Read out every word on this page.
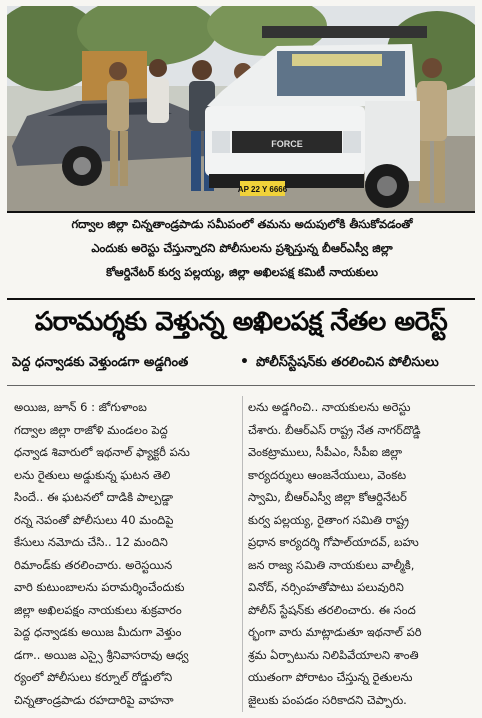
AP 22 Y 6666
FORCE
గద్వాల జిల్లా చిన్నతాండ్రపాడు సమీపంలో తమను అదుపులోకి తీసుకోవడంతో
ఎందుకు అరెస్టు చేస్తున్నారని పోలీసులను ప్రశ్నిస్తున్న బీఆర్ఎస్వీ జిల్లా
కోఆర్డినేటర్ కుర్వ పల్లయ్య, జిల్లా అఖిలపక్ష కమిటీ నాయకులు
పరామర్శకు వెళ్తున్న అఖిలపక్ష నేతల అరెస్ట్
పెద్ద ధన్వాడకు వెళ్తుండగా అడ్డగింత	• పోలీస్‌స్టేషన్‌కు తరలించిన పోలీసులు
అయిజ, జూన్ 6 : జోగుళాంబ
గద్వాల జిల్లా రాజోళి మండలం పెద్ద
ధన్వాడ శివారులో ఇథనాల్ ఫ్యాక్టరీ పను
లను రైతులు అడ్డుకున్న ఘటన తెలి
సిందే.. ఈ ఘటనలో దాడికి పాల్పడ్డా
రన్న నెపంతో పోలీసులు 40 మందిపై
కేసులు నమోదు చేసి.. 12 మందిని
రిమాండ్‌కు తరలించారు. అరెస్టయిన
వారి కుటుంబాలను పరామర్శించేందుకు
జిల్లా అఖిలపక్షం నాయకులు శుక్రవారం
పెద్ద ధన్వాడకు అయిజ మీదుగా వెళ్తుం
డగా.. అయిజ ఎస్సై శ్రీనివాసరావు ఆధ్వ
ర్యంలో పోలీసులు కర్నూల్ రోడ్డులోని
చిన్నతాండ్రపాడు రహదారిపై వాహనా
లను అడ్డగించి.. నాయకులను అరెస్టు
చేశారు. బీఆర్ఎస్ రాష్ట్ర నేత నాగర్‌దొడ్డి
వెంకట్రాములు, సీపీఎం, సీపీఐ జిల్లా
కార్యదర్శులు ఆంజనేయులు, వెంకట
స్వామి, బీఆర్ఎస్వీ జిల్లా కోఆర్డినేటర్
కుర్వ పల్లయ్య, రైతాంగ సమితి రాష్ట్ర
ప్రధాన కార్యదర్శి గోపాల్‌యాదవ్, బహు
జన రాజ్య సమితి నాయకులు వాల్మీకి,
వినోద్, నర్సింహతోపాటు పలువురిని
పోలీస్ స్టేషన్‌కు తరలించారు. ఈ సంద
ర్భంగా వారు మాట్లాడుతూ ఇథనాల్ పరి
శ్రమ ఏర్పాటును నిలిపివేయాలని శాంతి
యుతంగా పోరాటం చేస్తున్న రైతులను
జైలుకు పంపడం సరికాదని చెప్పారు.
